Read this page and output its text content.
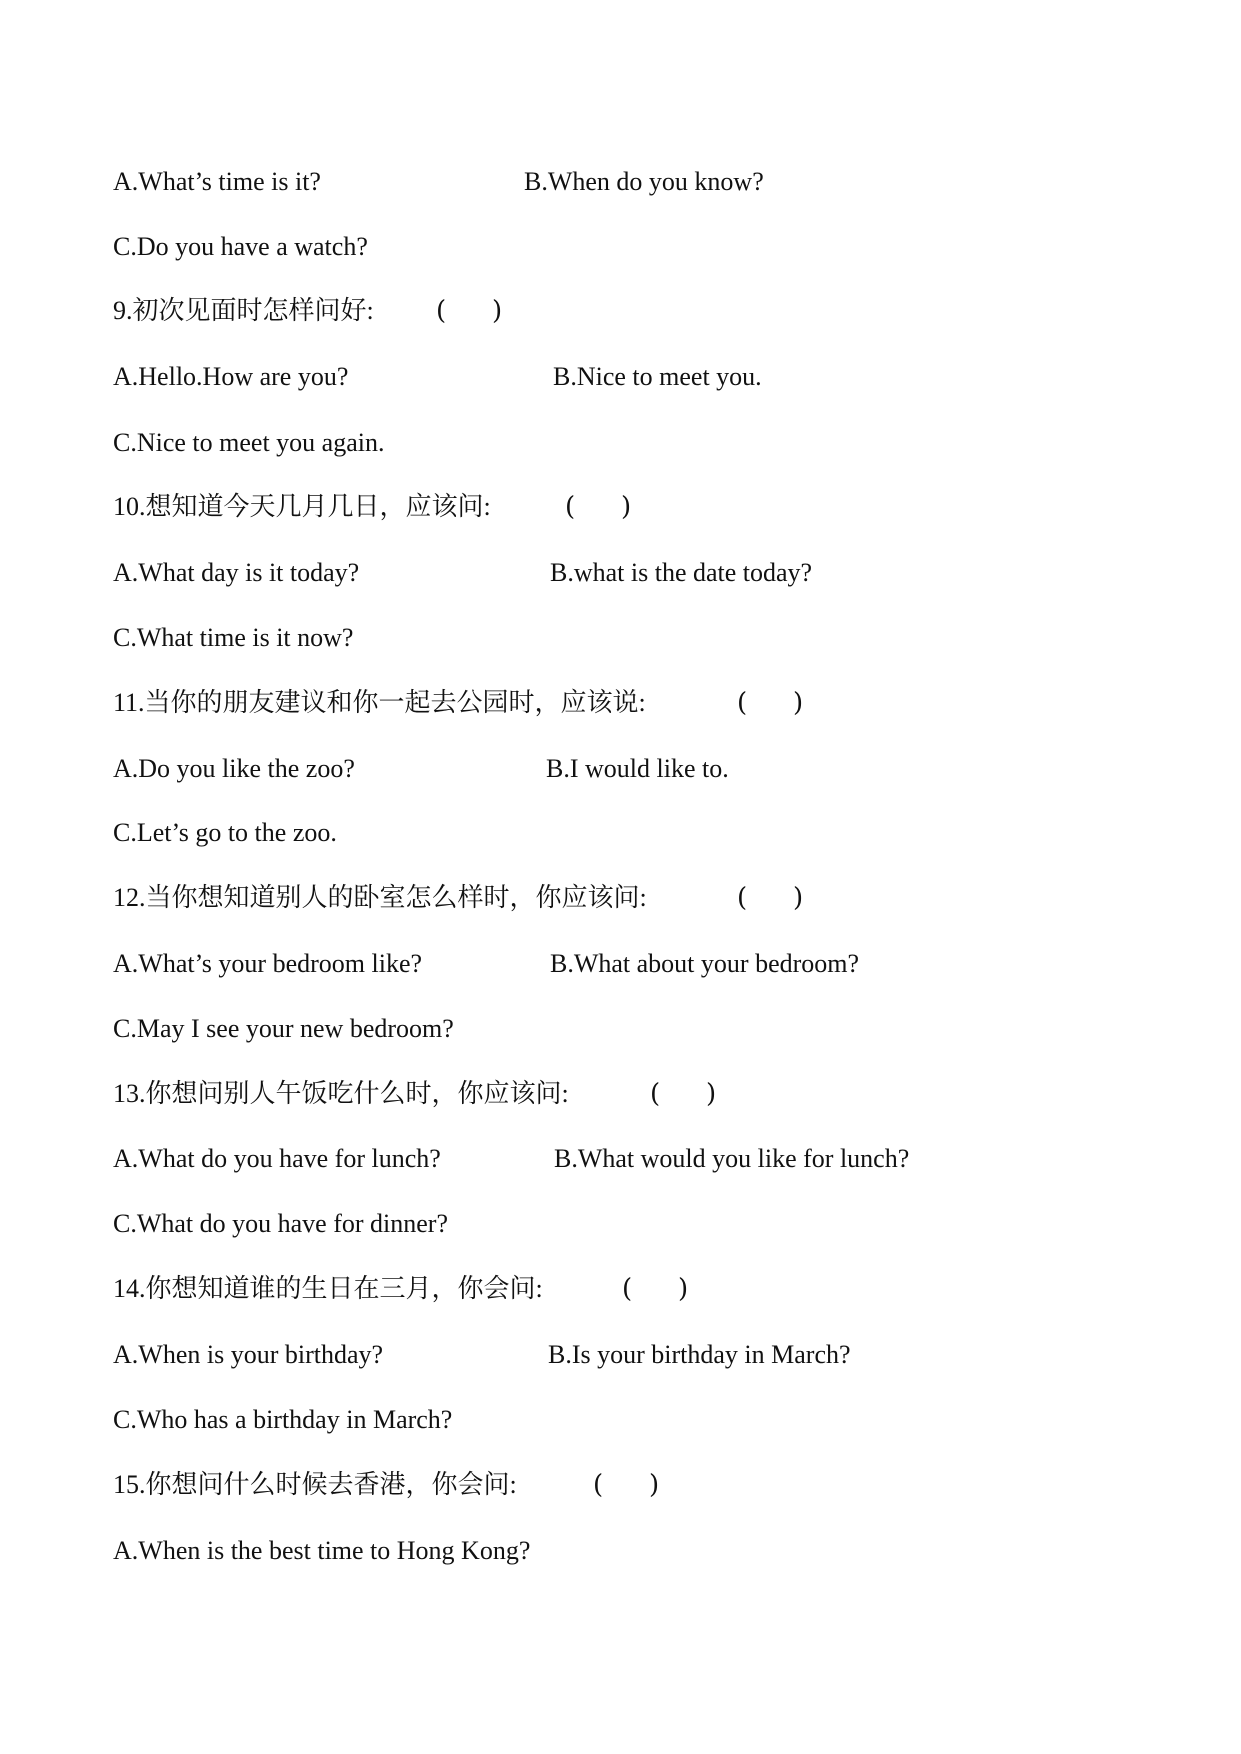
A.What’s time is it?	B.When do you know?
C.Do you have a watch?
9.初次见面时怎样问好: ( )
A.Hello.How are you?	B.Nice to meet you.
C.Nice to meet you again.
10.想知道今天几月几日，应该问:	( )
A.What day is it today?	B.what is the date today?
C.What time is it now?
11.当你的朋友建议和你一起去公园时，应该说:	( )
A.Do you like the zoo?	B.I would like to.
C.Let’s go to the zoo.
12.当你想知道别人的卧室怎么样时，你应该问:	( )
A.What’s your bedroom like?	B.What about your bedroom?
C.May I see your new bedroom?
13.你想问别人午饭吃什么时，你应该问:	( )
A.What do you have for lunch?	B.What would you like for lunch?
C.What do you have for dinner?
14.你想知道谁的生日在三月，你会问:	( )
A.When is your birthday?	B.Is your birthday in March?
C.Who has a birthday in March?
15.你想问什么时候去香港，你会问:	( )
A.When is the best time to Hong Kong?
